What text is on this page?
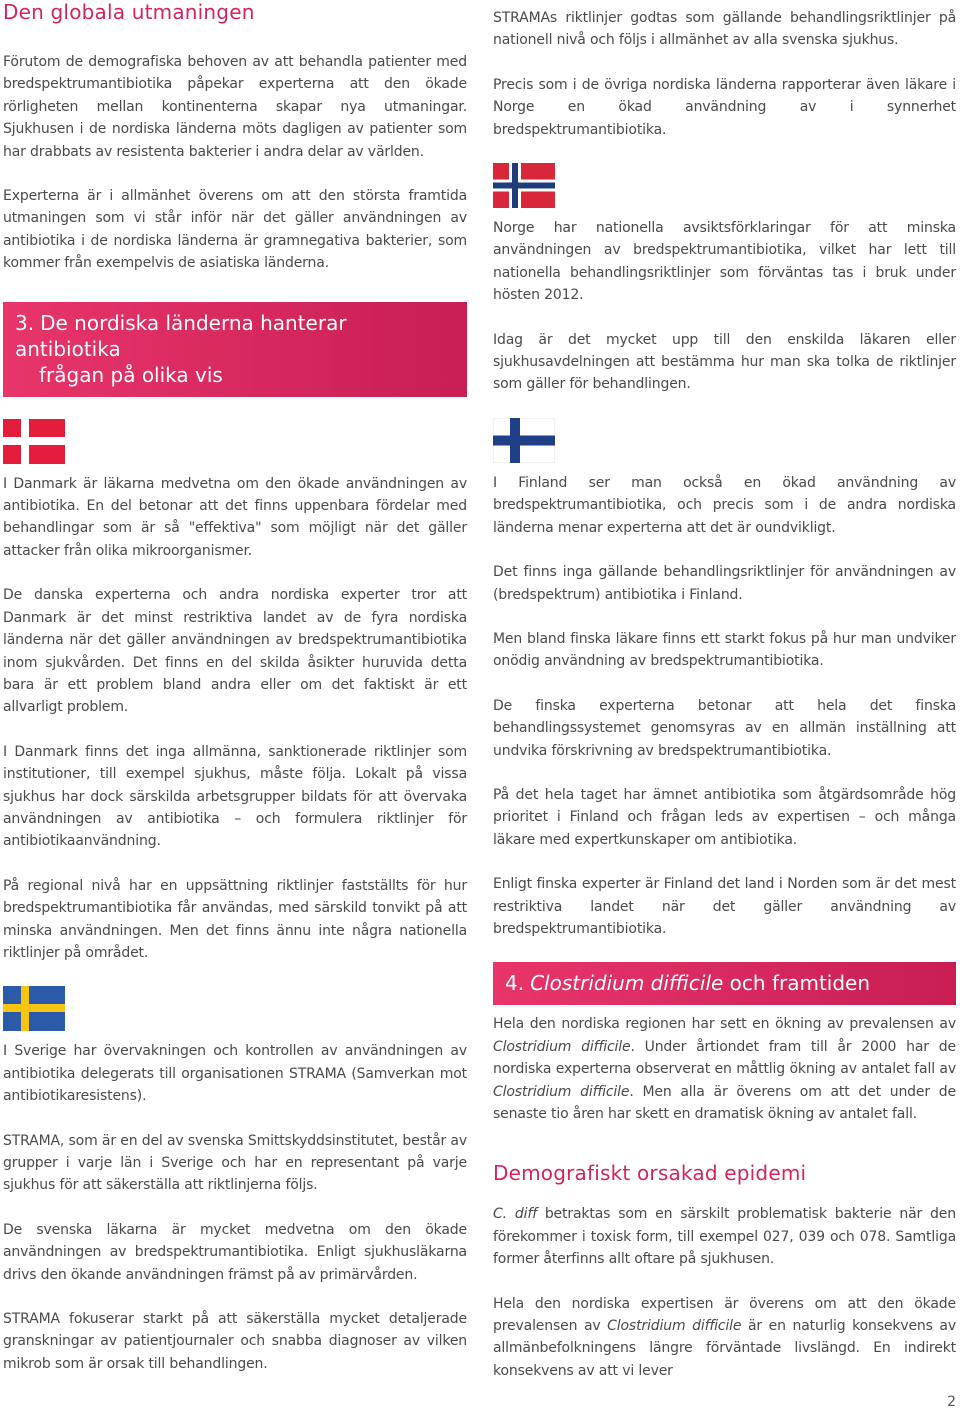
Den globala utmaningen

Förutom de demografiska behoven av att behandla patienter med bredspektrumantibiotika påpekar experterna att den ökade rörligheten mellan kontinenterna skapar nya utmaningar. Sjukhusen i de nordiska länderna möts dagligen av patienter som har drabbats av resistenta bakterier i andra delar av världen.

Experterna är i allmänhet överens om att den största framtida utmaningen som vi står inför när det gäller användningen av antibiotika i de nordiska länderna är gramnegativa bakterier, som kommer från exempelvis de asiatiska länderna.

3. De nordiska länderna hanterar antibiotika
frågan på olika vis

I Danmark är läkarna medvetna om den ökade användningen av antibiotika. En del betonar att det finns uppenbara fördelar med behandlingar som är så "effektiva" som möjligt när det gäller attacker från olika mikroorganismer.

De danska experterna och andra nordiska experter tror att Danmark är det minst restriktiva landet av de fyra nordiska länderna när det gäller användningen av bredspektrumantibiotika inom sjukvården. Det finns en del skilda åsikter huruvida detta bara är ett problem bland andra eller om det faktiskt är ett allvarligt problem.

I Danmark finns det inga allmänna, sanktionerade riktlinjer som institutioner, till exempel sjukhus, måste följa. Lokalt på vissa sjukhus har dock särskilda arbetsgrupper bildats för att övervaka användningen av antibiotika – och formulera riktlinjer för antibiotikaanvändning.

På regional nivå har en uppsättning riktlinjer fastställts för hur bredspektrumantibiotika får användas, med särskild tonvikt på att minska användningen. Men det finns ännu inte några nationella riktlinjer på området.

I Sverige har övervakningen och kontrollen av användningen av antibiotika delegerats till organisationen STRAMA (Samverkan mot antibiotikaresistens).

STRAMA, som är en del av svenska Smittskyddsinstitutet, består av grupper i varje län i Sverige och har en representant på varje sjukhus för att säkerställa att riktlinjerna följs.

De svenska läkarna är mycket medvetna om den ökade användningen av bredspektrumantibiotika. Enligt sjukhusläkarna drivs den ökande användningen främst på av primärvården.

STRAMA fokuserar starkt på att säkerställa mycket detaljerade granskningar av patientjournaler och snabba diagnoser av vilken mikrob som är orsak till behandlingen.

STRAMAs riktlinjer godtas som gällande behandlingsriktlinjer på nationell nivå och följs i allmänhet av alla svenska sjukhus.

Precis som i de övriga nordiska länderna rapporterar även läkare i Norge en ökad användning av i synnerhet bredspektrumantibiotika.

Norge har nationella avsiktsförklaringar för att minska användningen av bredspektrumantibiotika, vilket har lett till nationella behandlingsriktlinjer som förväntas tas i bruk under hösten 2012.

Idag är det mycket upp till den enskilda läkaren eller sjukhusavdelningen att bestämma hur man ska tolka de riktlinjer som gäller för behandlingen.

I Finland ser man också en ökad användning av bredspektrumantibiotika, och precis som i de andra nordiska länderna menar experterna att det är oundvikligt.

Det finns inga gällande behandlingsriktlinjer för användningen av (bredspektrum) antibiotika i Finland.

Men bland finska läkare finns ett starkt fokus på hur man undviker onödig användning av bredspektrumantibiotika.

De finska experterna betonar att hela det finska behandlingssystemet genomsyras av en allmän inställning att undvika förskrivning av bredspektrumantibiotika.

På det hela taget har ämnet antibiotika som åtgärdsområde hög prioritet i Finland och frågan leds av expertisen – och många läkare med expertkunskaper om antibiotika.

Enligt finska experter är Finland det land i Norden som är det mest restriktiva landet när det gäller användning av bredspektrumantibiotika.

4. Clostridium difficile och framtiden

Hela den nordiska regionen har sett en ökning av prevalensen av Clostridium difficile. Under årtiondet fram till år 2000 har de nordiska experterna observerat en måttlig ökning av antalet fall av Clostridium difficile. Men alla är överens om att det under de senaste tio åren har skett en dramatisk ökning av antalet fall.

Demografiskt orsakad epidemi

C. diff betraktas som en särskilt problematisk bakterie när den förekommer i toxisk form, till exempel 027, 039 och 078. Samtliga former återfinns allt oftare på sjukhusen.

Hela den nordiska expertisen är överens om att den ökade prevalensen av Clostridium difficile är en naturlig konsekvens av allmänbefolkningens längre förväntade livslängd. En indirekt konsekvens av att vi lever

2
